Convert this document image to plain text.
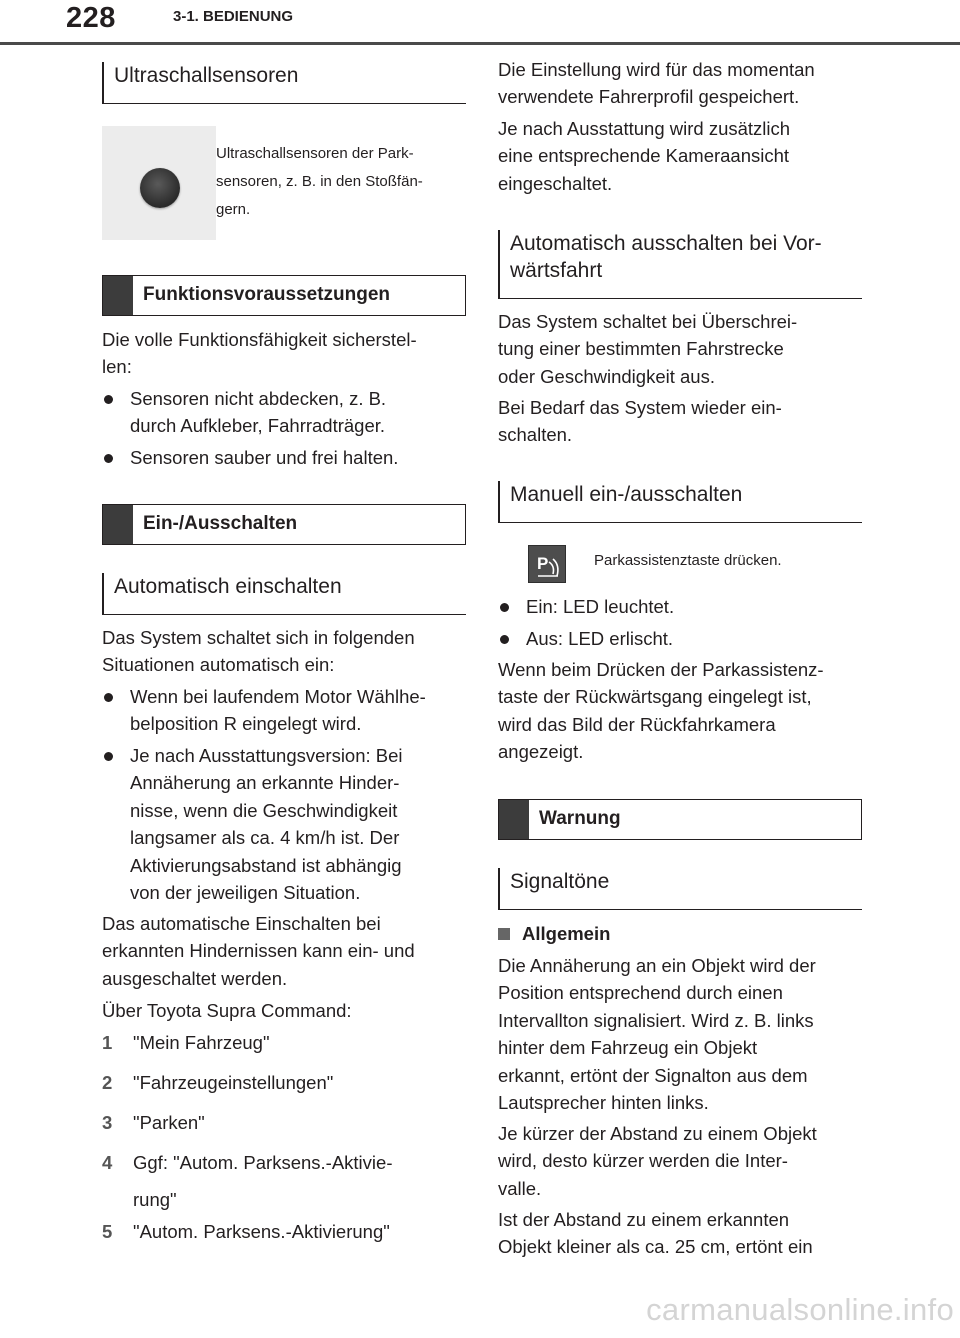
228	3-1. BEDIENUNG
Ultraschallsensoren
Ultraschallsensoren der Park-
sensoren, z. B. in den Stoßfän-
gern.
Funktionsvoraussetzungen
Die volle Funktionsfähigkeit sicherstel-
len:
Sensoren nicht abdecken, z. B.
durch Aufkleber, Fahrradträger.
Sensoren sauber und frei halten.
Ein-/Ausschalten
Automatisch einschalten
Das System schaltet sich in folgenden
Situationen automatisch ein:
Wenn bei laufendem Motor Wählhe-
belposition R eingelegt wird.
Je nach Ausstattungsversion: Bei
Annäherung an erkannte Hinder-
nisse, wenn die Geschwindigkeit
langsamer als ca. 4 km/h ist. Der
Aktivierungsabstand ist abhängig
von der jeweiligen Situation.
Das automatische Einschalten bei
erkannten Hindernissen kann ein- und
ausgeschaltet werden.
Über Toyota Supra Command:
1 "Mein Fahrzeug"
2 "Fahrzeugeinstellungen"
3 "Parken"
4 Ggf: "Autom. Parksens.-Aktivie-
rung"
5 "Autom. Parksens.-Aktivierung"
Die Einstellung wird für das momentan
verwendete Fahrerprofil gespeichert.
Je nach Ausstattung wird zusätzlich
eine entsprechende Kameraansicht
eingeschaltet.
Automatisch ausschalten bei Vor-
wärtsfahrt
Das System schaltet bei Überschrei-
tung einer bestimmten Fahrstrecke
oder Geschwindigkeit aus.
Bei Bedarf das System wieder ein-
schalten.
Manuell ein-/ausschalten
P	Parkassistenztaste drücken.
Ein: LED leuchtet.
Aus: LED erlischt.
Wenn beim Drücken der Parkassistenz-
taste der Rückwärtsgang eingelegt ist,
wird das Bild der Rückfahrkamera
angezeigt.
Warnung
Signaltöne
Allgemein
Die Annäherung an ein Objekt wird der
Position entsprechend durch einen
Intervallton signalisiert. Wird z. B. links
hinter dem Fahrzeug ein Objekt
erkannt, ertönt der Signalton aus dem
Lautsprecher hinten links.
Je kürzer der Abstand zu einem Objekt
wird, desto kürzer werden die Inter-
valle.
Ist der Abstand zu einem erkannten
Objekt kleiner als ca. 25 cm, ertönt ein
carmanualsonline.info
